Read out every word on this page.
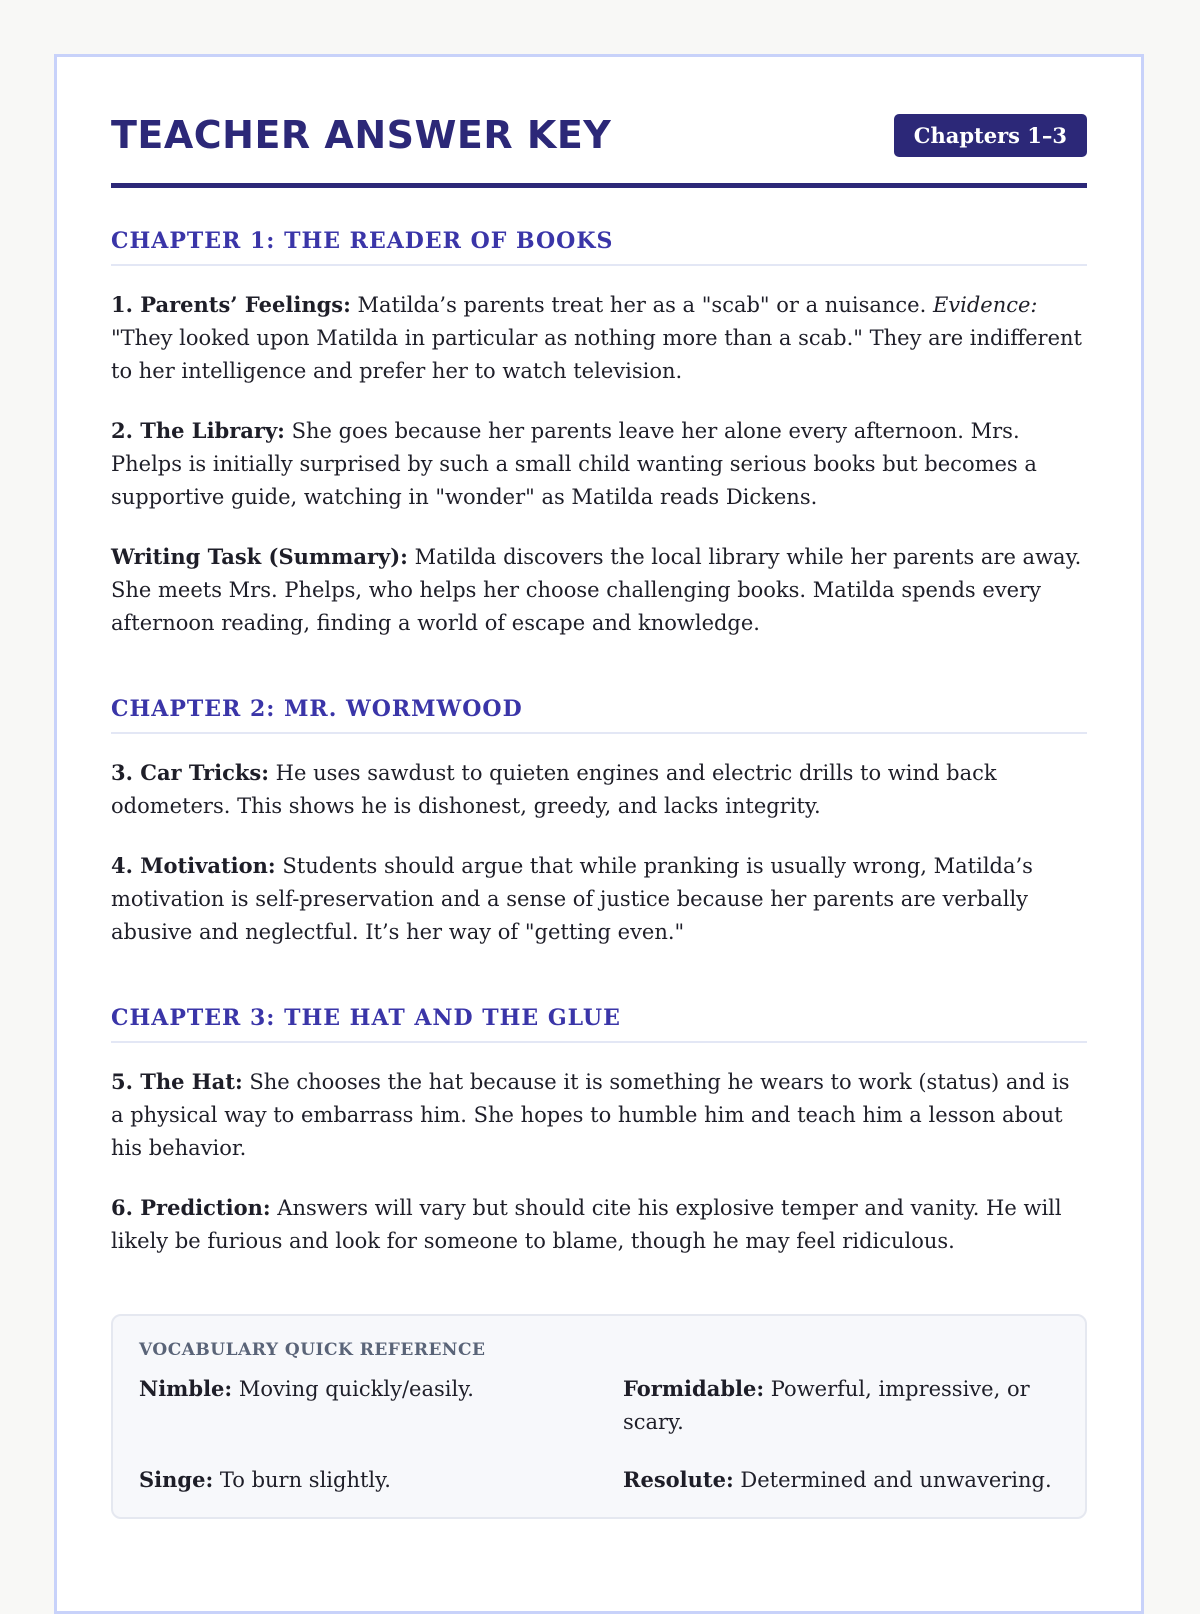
TEACHER ANSWER KEY	Chapters 1–3
CHAPTER 1: THE READER OF BOOKS

1. Parents’ Feelings: Matilda’s parents treat her as a "scab" or a nuisance. Evidence: "They looked upon Matilda in particular as nothing more than a scab." They are indifferent to her intelligence and prefer her to watch television.

2. The Library: She goes because her parents leave her alone every afternoon. Mrs. Phelps is initially surprised by such a small child wanting serious books but becomes a supportive guide, watching in "wonder" as Matilda reads Dickens.

Writing Task (Summary): Matilda discovers the local library while her parents are away. She meets Mrs. Phelps, who helps her choose challenging books. Matilda spends every afternoon reading, finding a world of escape and knowledge.

CHAPTER 2: MR. WORMWOOD

3. Car Tricks: He uses sawdust to quieten engines and electric drills to wind back odometers. This shows he is dishonest, greedy, and lacks integrity.

4. Motivation: Students should argue that while pranking is usually wrong, Matilda’s motivation is self-preservation and a sense of justice because her parents are verbally abusive and neglectful. It’s her way of "getting even."

CHAPTER 3: THE HAT AND THE GLUE

5. The Hat: She chooses the hat because it is something he wears to work (status) and is a physical way to embarrass him. She hopes to humble him and teach him a lesson about his behavior.

6. Prediction: Answers will vary but should cite his explosive temper and vanity. He will likely be furious and look for someone to blame, though he may feel ridiculous.

VOCABULARY QUICK REFERENCE
Nimble: Moving quickly/easily.	Formidable: Powerful, impressive, or scary.
Singe: To burn slightly.	Resolute: Determined and unwavering.
